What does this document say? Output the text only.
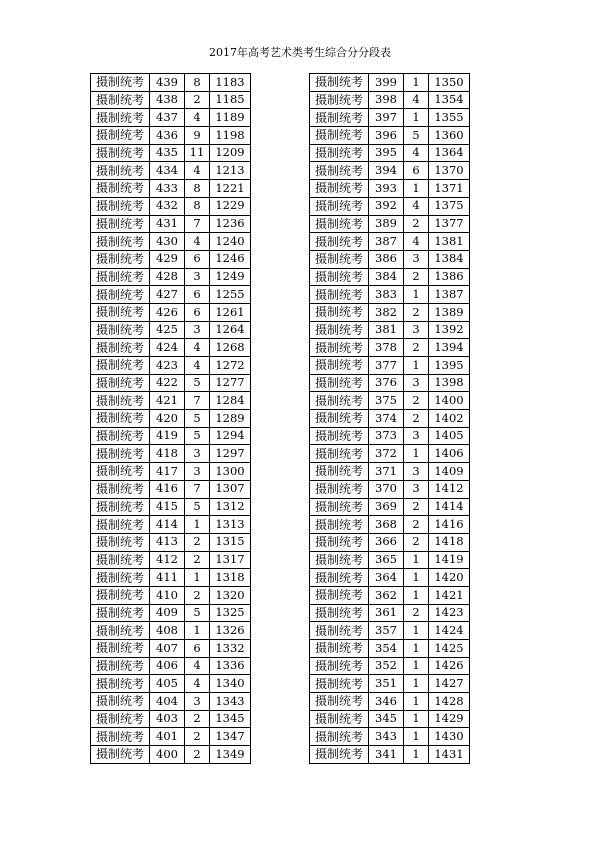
2017年高考艺术类考生综合分分段表
摄制统考	439	8	1183
摄制统考	438	2	1185
摄制统考	437	4	1189
摄制统考	436	9	1198
摄制统考	435	11	1209
摄制统考	434	4	1213
摄制统考	433	8	1221
摄制统考	432	8	1229
摄制统考	431	7	1236
摄制统考	430	4	1240
摄制统考	429	6	1246
摄制统考	428	3	1249
摄制统考	427	6	1255
摄制统考	426	6	1261
摄制统考	425	3	1264
摄制统考	424	4	1268
摄制统考	423	4	1272
摄制统考	422	5	1277
摄制统考	421	7	1284
摄制统考	420	5	1289
摄制统考	419	5	1294
摄制统考	418	3	1297
摄制统考	417	3	1300
摄制统考	416	7	1307
摄制统考	415	5	1312
摄制统考	414	1	1313
摄制统考	413	2	1315
摄制统考	412	2	1317
摄制统考	411	1	1318
摄制统考	410	2	1320
摄制统考	409	5	1325
摄制统考	408	1	1326
摄制统考	407	6	1332
摄制统考	406	4	1336
摄制统考	405	4	1340
摄制统考	404	3	1343
摄制统考	403	2	1345
摄制统考	401	2	1347
摄制统考	400	2	1349
摄制统考	399	1	1350
摄制统考	398	4	1354
摄制统考	397	1	1355
摄制统考	396	5	1360
摄制统考	395	4	1364
摄制统考	394	6	1370
摄制统考	393	1	1371
摄制统考	392	4	1375
摄制统考	389	2	1377
摄制统考	387	4	1381
摄制统考	386	3	1384
摄制统考	384	2	1386
摄制统考	383	1	1387
摄制统考	382	2	1389
摄制统考	381	3	1392
摄制统考	378	2	1394
摄制统考	377	1	1395
摄制统考	376	3	1398
摄制统考	375	2	1400
摄制统考	374	2	1402
摄制统考	373	3	1405
摄制统考	372	1	1406
摄制统考	371	3	1409
摄制统考	370	3	1412
摄制统考	369	2	1414
摄制统考	368	2	1416
摄制统考	366	2	1418
摄制统考	365	1	1419
摄制统考	364	1	1420
摄制统考	362	1	1421
摄制统考	361	2	1423
摄制统考	357	1	1424
摄制统考	354	1	1425
摄制统考	352	1	1426
摄制统考	351	1	1427
摄制统考	346	1	1428
摄制统考	345	1	1429
摄制统考	343	1	1430
摄制统考	341	1	1431
